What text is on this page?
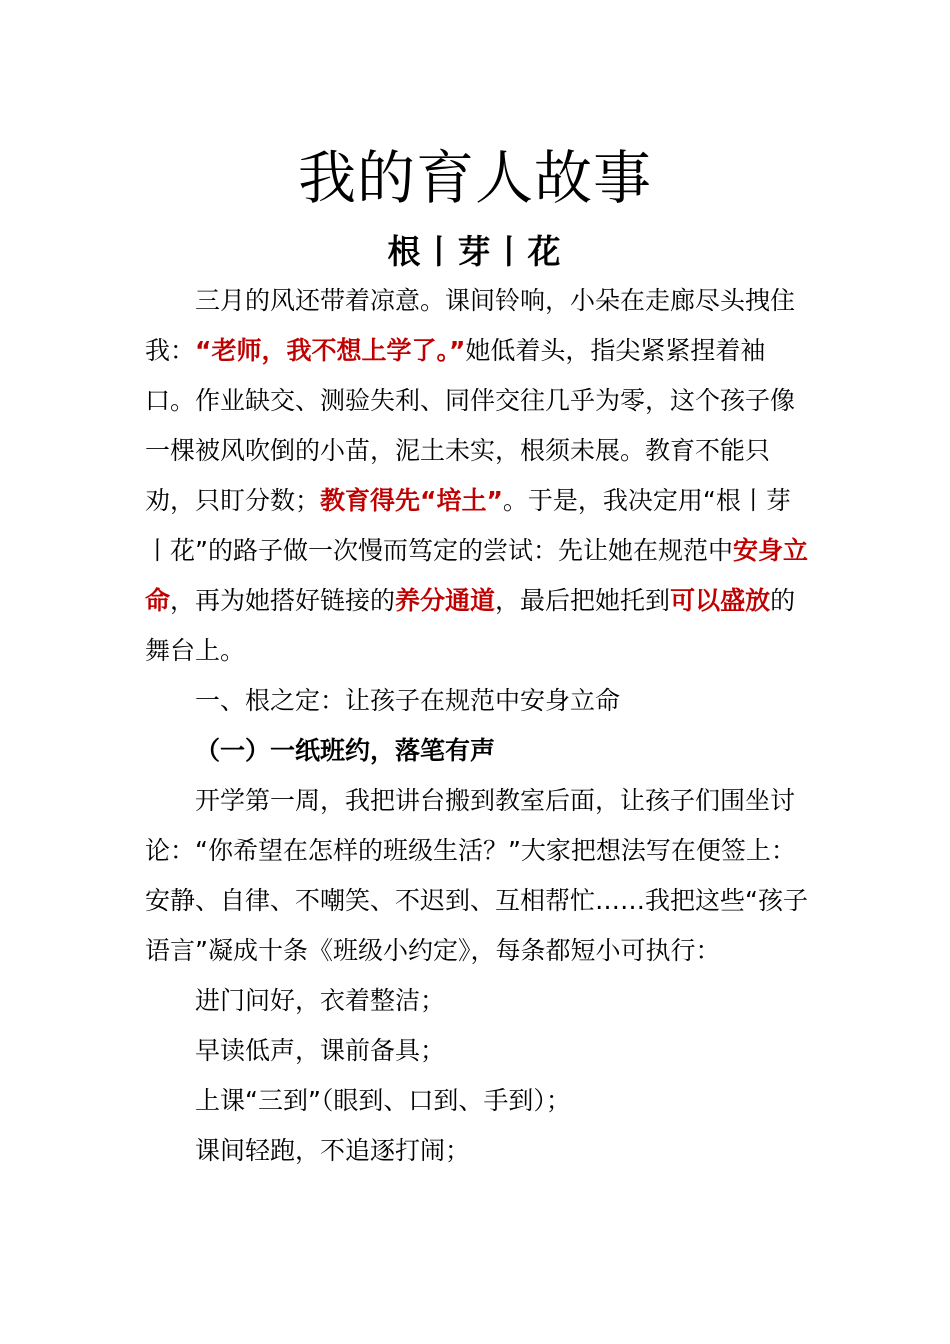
我的育人故事
根丨芽丨花

三月的风还带着凉意。课间铃响，小朵在走廊尽头拽住我：“老师，我不想上学了。”她低着头，指尖紧紧捏着袖口。作业缺交、测验失利、同伴交往几乎为零，这个孩子像一棵被风吹倒的小苗，泥土未实，根须未展。教育不能只劝，只盯分数；教育得先“培土”。于是，我决定用“根丨芽丨花”的路子做一次慢而笃定的尝试：先让她在规范中安身立命，再为她搭好链接的养分通道，最后把她托到可以盛放的舞台上。

一、根之定：让孩子在规范中安身立命

（一）一纸班约，落笔有声

开学第一周，我把讲台搬到教室后面，让孩子们围坐讨论：“你希望在怎样的班级生活？”大家把想法写在便签上：安静、自律、不嘲笑、不迟到、互相帮忙……我把这些“孩子语言”凝成十条《班级小约定》，每条都短小可执行：

进门问好，衣着整洁；

早读低声，课前备具；

上课“三到”（眼到、口到、手到）；

课间轻跑，不追逐打闹；
